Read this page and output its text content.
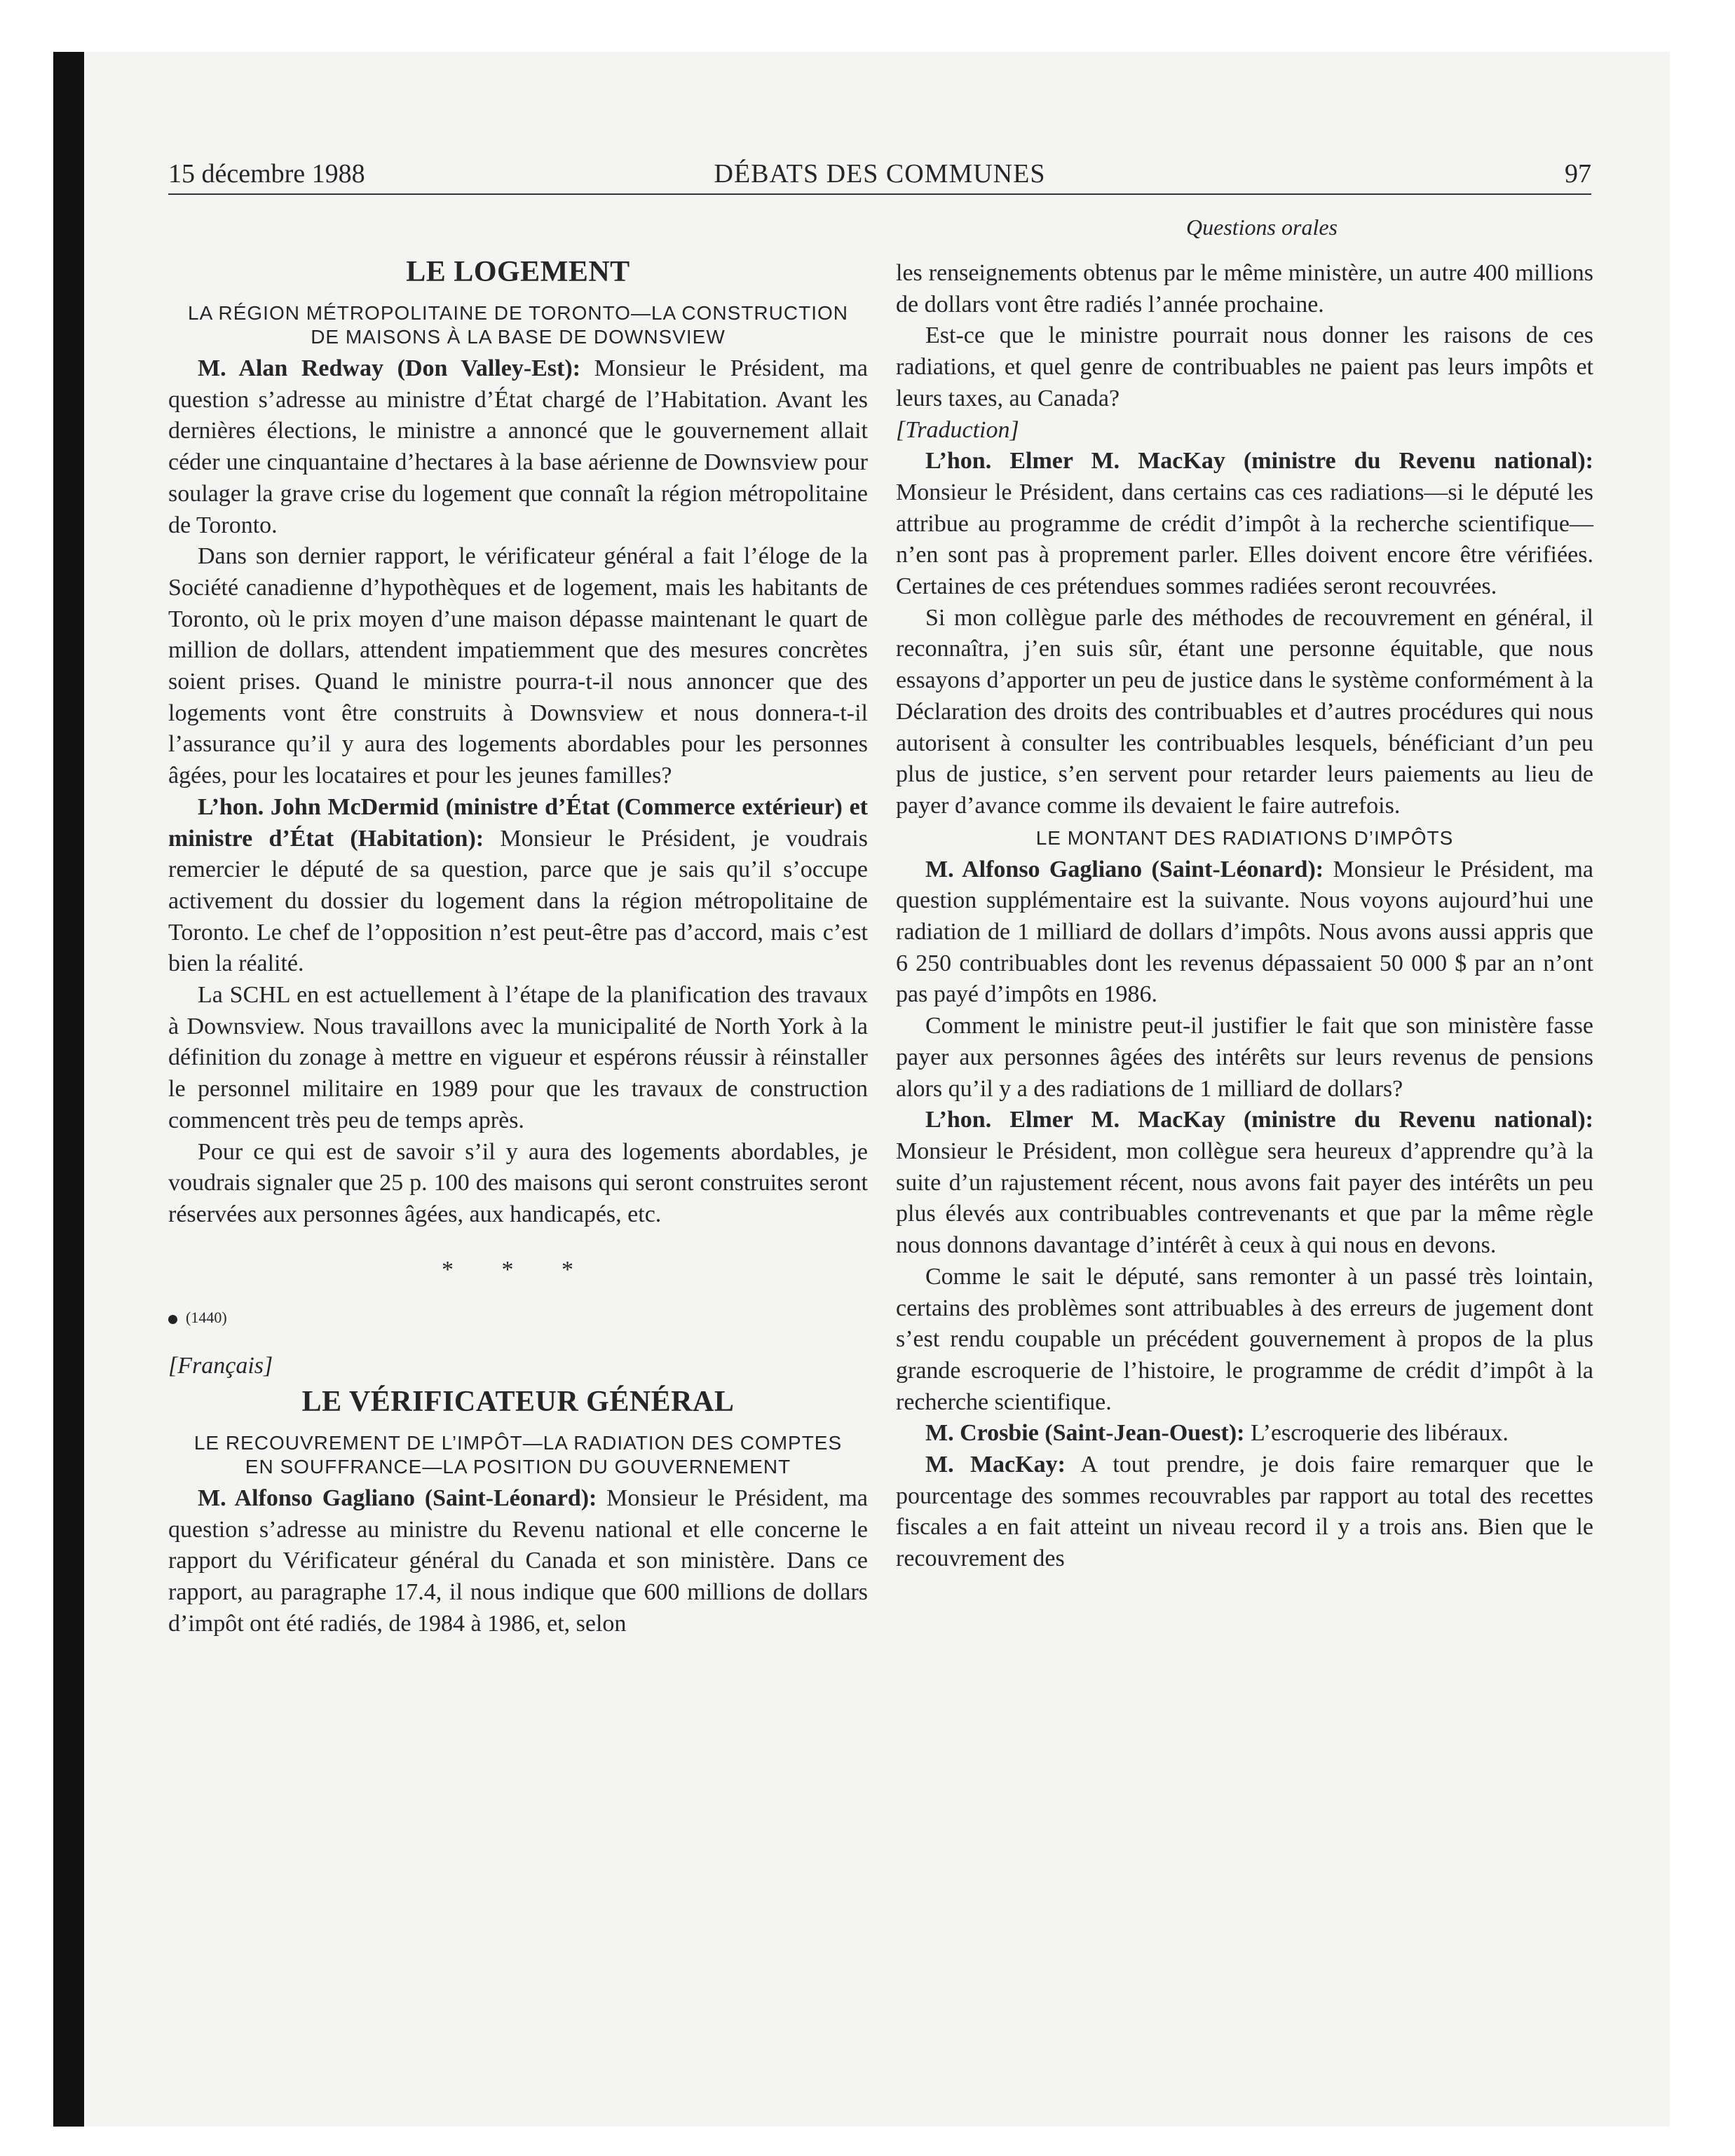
15 décembre 1988	DÉBATS DES COMMUNES	97
Questions orales
LE LOGEMENT
LA RÉGION MÉTROPOLITAINE DE TORONTO—LA CONSTRUCTION DE MAISONS À LA BASE DE DOWNSVIEW

M. Alan Redway (Don Valley-Est): Monsieur le Président, ma question s’adresse au ministre d’État chargé de l’Habitation. Avant les dernières élections, le ministre a annoncé que le gouvernement allait céder une cinquantaine d’hectares à la base aérienne de Downsview pour soulager la grave crise du logement que connaît la région métropolitaine de Toronto.

Dans son dernier rapport, le vérificateur général a fait l’éloge de la Société canadienne d’hypothèques et de logement, mais les habitants de Toronto, où le prix moyen d’une maison dépasse maintenant le quart de million de dollars, attendent impatiemment que des mesures concrètes soient prises. Quand le ministre pourra-t-il nous annoncer que des logements vont être construits à Downsview et nous donnera-t-il l’assurance qu’il y aura des logements abordables pour les personnes âgées, pour les locataires et pour les jeunes familles?

L’hon. John McDermid (ministre d’État (Commerce extérieur) et ministre d’État (Habitation): Monsieur le Président, je voudrais remercier le député de sa question, parce que je sais qu’il s’occupe activement du dossier du logement dans la région métropolitaine de Toronto. Le chef de l’opposition n’est peut-être pas d’accord, mais c’est bien la réalité.

La SCHL en est actuellement à l’étape de la planification des travaux à Downsview. Nous travaillons avec la municipalité de North York à la définition du zonage à mettre en vigueur et espérons réussir à réinstaller le personnel militaire en 1989 pour que les travaux de construction commencent très peu de temps après.

Pour ce qui est de savoir s’il y aura des logements abordables, je voudrais signaler que 25 p. 100 des maisons qui seront construites seront réservées aux personnes âgées, aux handicapés, etc.

* * *
(1440)

[Français]

LE VÉRIFICATEUR GÉNÉRAL
LE RECOUVREMENT DE L’IMPÔT—LA RADIATION DES COMPTES EN SOUFFRANCE—LA POSITION DU GOUVERNEMENT

M. Alfonso Gagliano (Saint-Léonard): Monsieur le Président, ma question s’adresse au ministre du Revenu national et elle concerne le rapport du Vérificateur général du Canada et son ministère. Dans ce rapport, au paragraphe 17.4, il nous indique que 600 millions de dollars d’impôt ont été radiés, de 1984 à 1986, et, selon

les renseignements obtenus par le même ministère, un autre 400 millions de dollars vont être radiés l’année prochaine.

Est-ce que le ministre pourrait nous donner les raisons de ces radiations, et quel genre de contribuables ne paient pas leurs impôts et leurs taxes, au Canada?

[Traduction]

L’hon. Elmer M. MacKay (ministre du Revenu national): Monsieur le Président, dans certains cas ces radiations—si le député les attribue au programme de crédit d’impôt à la recherche scientifique—n’en sont pas à proprement parler. Elles doivent encore être vérifiées. Certaines de ces prétendues sommes radiées seront recouvrées.

Si mon collègue parle des méthodes de recouvrement en général, il reconnaîtra, j’en suis sûr, étant une personne équitable, que nous essayons d’apporter un peu de justice dans le système conformément à la Déclaration des droits des contribuables et d’autres procédures qui nous autorisent à consulter les contribuables lesquels, bénéficiant d’un peu plus de justice, s’en servent pour retarder leurs paiements au lieu de payer d’avance comme ils devaient le faire autrefois.

LE MONTANT DES RADIATIONS D’IMPÔTS

M. Alfonso Gagliano (Saint-Léonard): Monsieur le Président, ma question supplémentaire est la suivante. Nous voyons aujourd’hui une radiation de 1 milliard de dollars d’impôts. Nous avons aussi appris que 6 250 contribuables dont les revenus dépassaient 50 000 $ par an n’ont pas payé d’impôts en 1986.

Comment le ministre peut-il justifier le fait que son ministère fasse payer aux personnes âgées des intérêts sur leurs revenus de pensions alors qu’il y a des radiations de 1 milliard de dollars?

L’hon. Elmer M. MacKay (ministre du Revenu national): Monsieur le Président, mon collègue sera heureux d’apprendre qu’à la suite d’un rajustement récent, nous avons fait payer des intérêts un peu plus élevés aux contribuables contrevenants et que par la même règle nous donnons davantage d’intérêt à ceux à qui nous en devons.

Comme le sait le député, sans remonter à un passé très lointain, certains des problèmes sont attribuables à des erreurs de jugement dont s’est rendu coupable un précédent gouvernement à propos de la plus grande escroquerie de l’histoire, le programme de crédit d’impôt à la recherche scientifique.

M. Crosbie (Saint-Jean-Ouest): L’escroquerie des libéraux.

M. MacKay: A tout prendre, je dois faire remarquer que le pourcentage des sommes recouvrables par rapport au total des recettes fiscales a en fait atteint un niveau record il y a trois ans. Bien que le recouvrement des
